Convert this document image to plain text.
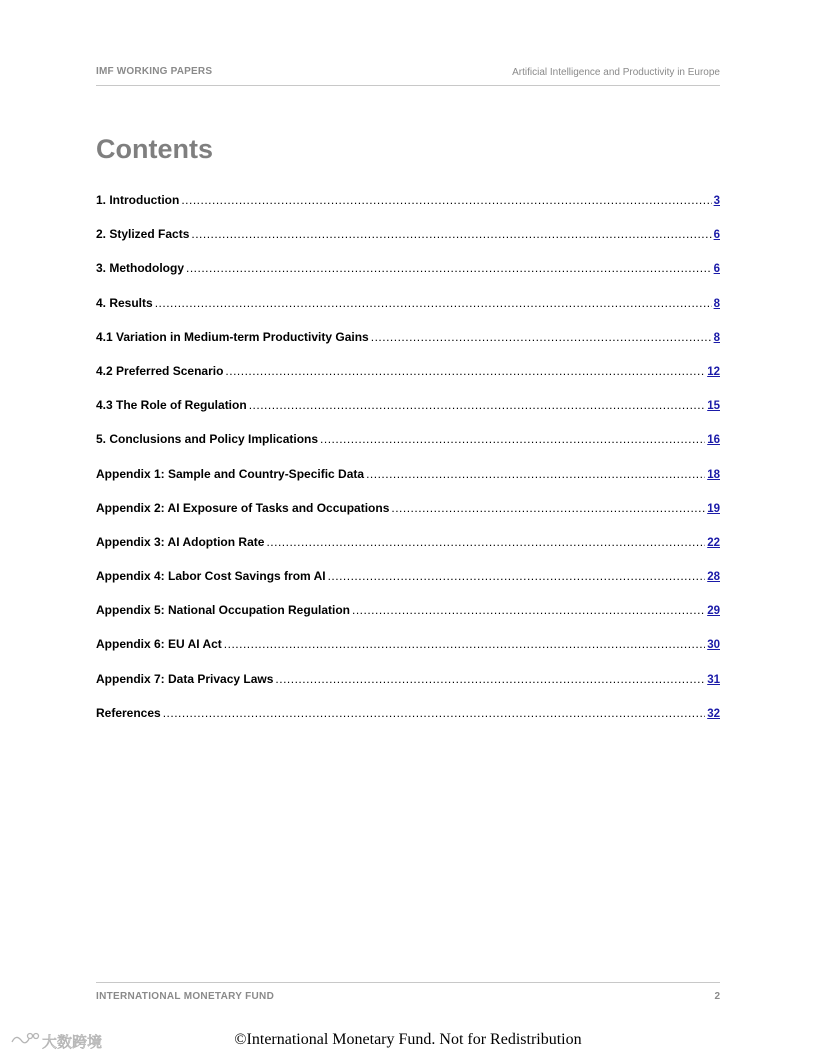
IMF WORKING PAPERS	Artificial Intelligence and Productivity in Europe
Contents
1. Introduction .....	3
2. Stylized Facts .....	6
3. Methodology .....	6
4. Results .....	8
4.1 Variation in Medium-term Productivity Gains .....	8
4.2 Preferred Scenario .....	12
4.3 The Role of Regulation .....	15
5. Conclusions and Policy Implications .....	16
Appendix 1: Sample and Country-Specific Data .....	18
Appendix 2: AI Exposure of Tasks and Occupations .....	19
Appendix 3: AI Adoption Rate .....	22
Appendix 4: Labor Cost Savings from AI .....	28
Appendix 5: National Occupation Regulation .....	29
Appendix 6: EU AI Act .....	30
Appendix 7: Data Privacy Laws .....	31
References .....	32
INTERNATIONAL MONETARY FUND	2
大数跨境	©International Monetary Fund. Not for Redistribution
